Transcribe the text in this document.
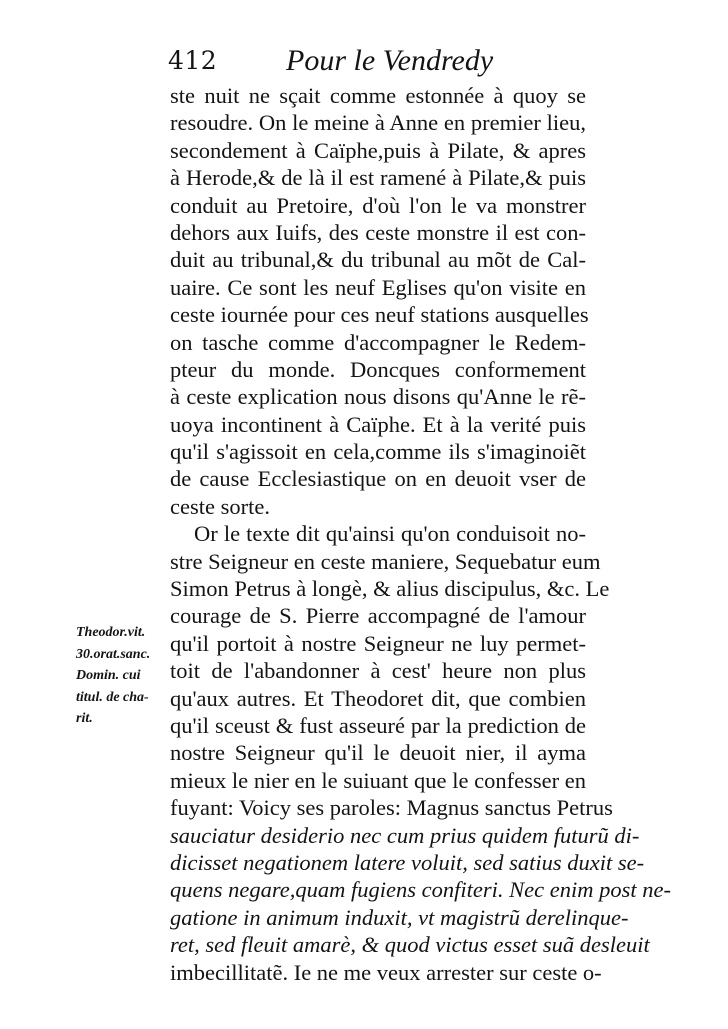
412 Pour le Vendredy
Theodor.vit.
30.orat.sanc.
Domin. cui
titul. de cha-
rit.
ste nuit ne sçait comme estonnée à quoy se
resoudre. On le meine à Anne en premier lieu,
secondement à Caïphe,puis à Pilate, & apres
à Herode,& de là il est ramené à Pilate,& puis
conduit au Pretoire, d'où l'on le va monstrer
dehors aux Iuifs, des ceste monstre il est con-
duit au tribunal,& du tribunal au mõt de Cal-
uaire. Ce sont les neuf Eglises qu'on visite en
ceste iournée pour ces neuf stations ausquelles
on tasche comme d'accompagner le Redem-
pteur du monde. Doncques conformement
à ceste explication nous disons qu'Anne le rẽ-
uoya incontinent à Caïphe. Et à la verité puis
qu'il s'agissoit en cela,comme ils s'imaginoiẽt
de cause Ecclesiastique on en deuoit vser de
ceste sorte.
Or le texte dit qu'ainsi qu'on conduisoit no-
stre Seigneur en ceste maniere, Sequebatur eum
Simon Petrus à longè, & alius discipulus, &c. Le
courage de S. Pierre accompagné de l'amour
qu'il portoit à nostre Seigneur ne luy permet-
toit de l'abandonner à cest' heure non plus
qu'aux autres. Et Theodoret dit, que combien
qu'il sceust & fust asseuré par la prediction de
nostre Seigneur qu'il le deuoit nier, il ayma
mieux le nier en le suiuant que le confesser en
fuyant: Voicy ses paroles: Magnus sanctus Petrus
sauciatur desiderio nec cum prius quidem futurũ di-
dicisset negationem latere voluit, sed satius duxit se-
quens negare,quam fugiens confiteri. Nec enim post ne-
gatione in animum induxit, vt magistrũ derelinque-
ret, sed fleuit amarè, & quod victus esset suã desleuit
imbecillitatẽ. Ie ne me veux arrester sur ceste o-
